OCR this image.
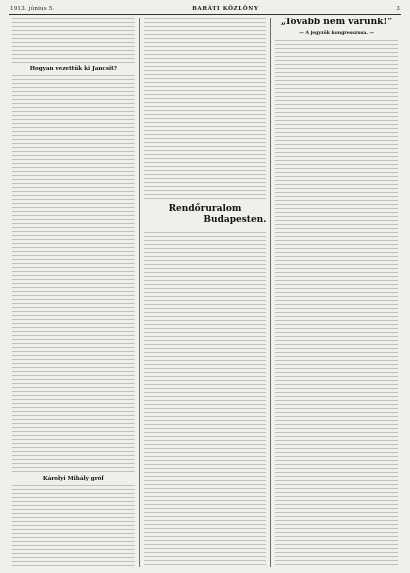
1913. június 5.	BARÁTI KÖZLÖNY	3
Hogyan vezettük ki Jancsit?
Károlyi Mihály gróf
Rendőruralom
Budapesten.
„Tovább nem várunk!”
— A jegyzők kongresszusa. —
